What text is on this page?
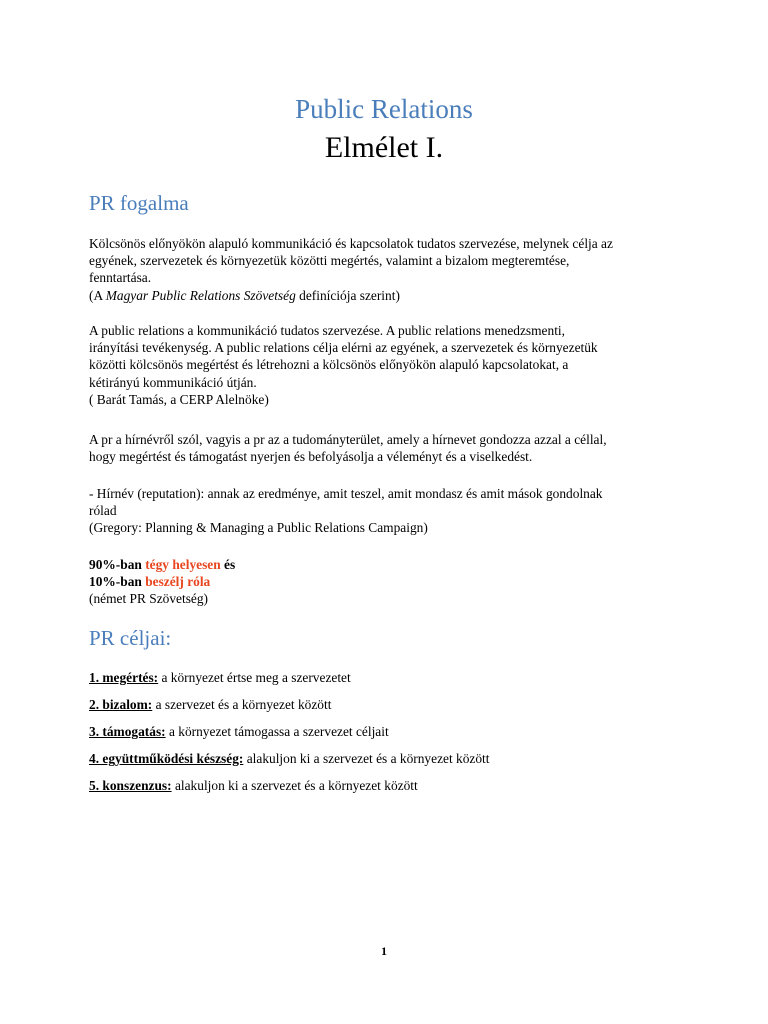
Public Relations
Elmélet I.
PR fogalma

Kölcsönös előnyökön alapuló kommunikáció és kapcsolatok tudatos szervezése, melynek célja az
egyének, szervezetek és környezetük közötti megértés, valamint a bizalom megteremtése,
fenntartása.
(A Magyar Public Relations Szövetség definíciója szerint)

A public relations a kommunikáció tudatos szervezése. A public relations menedzsmenti,
irányítási tevékenység. A public relations célja elérni az egyének, a szervezetek és környezetük
közötti kölcsönös megértést és létrehozni a kölcsönös előnyökön alapuló kapcsolatokat, a
kétirányú kommunikáció útján.
( Barát Tamás, a CERP Alelnöke)

A pr a hírnévről szól, vagyis a pr az a tudományterület, amely a hírnevet gondozza azzal a céllal,
hogy megértést és támogatást nyerjen és befolyásolja a véleményt és a viselkedést.

- Hírnév (reputation): annak az eredménye, amit teszel, amit mondasz és amit mások gondolnak
rólad
(Gregory: Planning & Managing a Public Relations Campaign)

90%-ban tégy helyesen és
10%-ban beszélj róla
(német PR Szövetség)

PR céljai:
1. megértés: a környezet értse meg a szervezetet
2. bizalom: a szervezet és a környezet között
3. támogatás: a környezet támogassa a szervezet céljait
4. együttműködési készség: alakuljon ki a szervezet és a környezet között
5. konszenzus: alakuljon ki a szervezet és a környezet között
1
